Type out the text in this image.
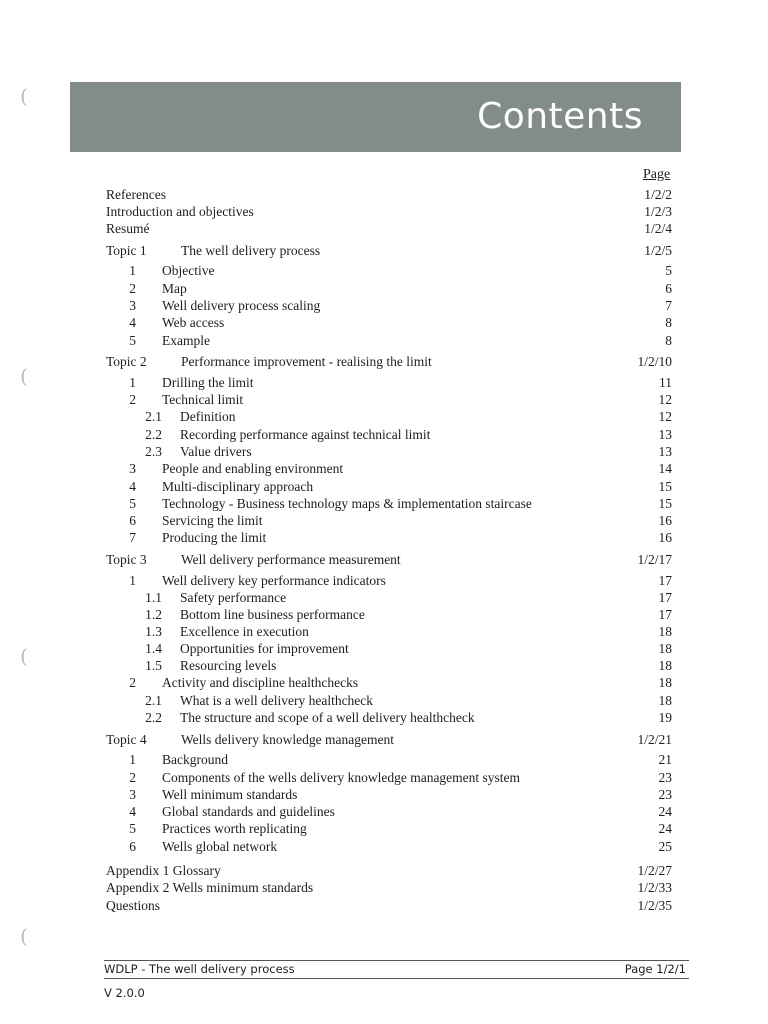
(
(
(
(
Contents
Page
References	1/2/2
Introduction and objectives	1/2/3
Resumé	1/2/4
Topic 1	The well delivery process	1/2/5
1 Objective	5
2 Map	6
3 Well delivery process scaling	7
4 Web access	8
5 Example	8
Topic 2	Performance improvement - realising the limit	1/2/10
1 Drilling the limit	11
2 Technical limit	12
2.1 Definition	12
2.2 Recording performance against technical limit	13
2.3 Value drivers	13
3 People and enabling environment	14
4 Multi-disciplinary approach	15
5 Technology - Business technology maps & implementation staircase	15
6 Servicing the limit	16
7 Producing the limit	16
Topic 3	Well delivery performance measurement	1/2/17
1 Well delivery key performance indicators	17
1.1 Safety performance	17
1.2 Bottom line business performance	17
1.3 Excellence in execution	18
1.4 Opportunities for improvement	18
1.5 Resourcing levels	18
2 Activity and discipline healthchecks	18
2.1 What is a well delivery healthcheck	18
2.2 The structure and scope of a well delivery healthcheck	19
Topic 4	Wells delivery knowledge management	1/2/21
1 Background	21
2 Components of the wells delivery knowledge management system	23
3 Well minimum standards	23
4 Global standards and guidelines	24
5 Practices worth replicating	24
6 Wells global network	25
Appendix 1 Glossary	1/2/27
Appendix 2 Wells minimum standards	1/2/33
Questions	1/2/35
WDLP - The well delivery process	Page 1/2/1
V 2.0.0
